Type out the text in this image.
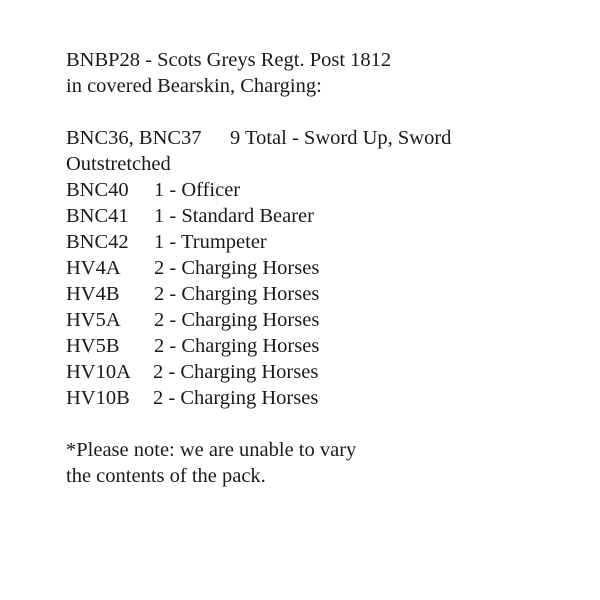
BNBP28 - Scots Greys Regt. Post 1812
in covered Bearskin, Charging:
BNC36, BNC37	9 Total - Sword Up, Sword
Outstretched
BNC40	1 - Officer
BNC41	1 - Standard Bearer
BNC42	1 - Trumpeter
HV4A	2 - Charging Horses
HV4B	2 - Charging Horses
HV5A	2 - Charging Horses
HV5B	2 - Charging Horses
HV10A	2 - Charging Horses
HV10B	2 - Charging Horses
*Please note: we are unable to vary
the contents of the pack.
